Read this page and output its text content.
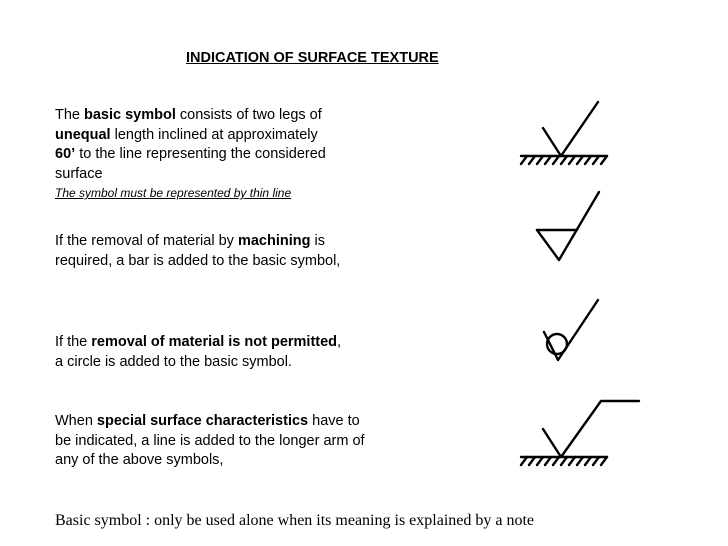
INDICATION OF SURFACE TEXTURE
The basic symbol consists of two legs of
unequal length inclined at approximately
60’ to the line representing the considered
surface
The symbol must be represented by thin line
If the removal of material by machining is
required, a bar is added to the basic symbol,
If the removal of material is not permitted,
a circle is added to the basic symbol.
When special surface characteristics have to
be indicated, a line is added to the longer arm of
any of the above symbols,
Basic symbol : only be used alone when its meaning is explained by a note
